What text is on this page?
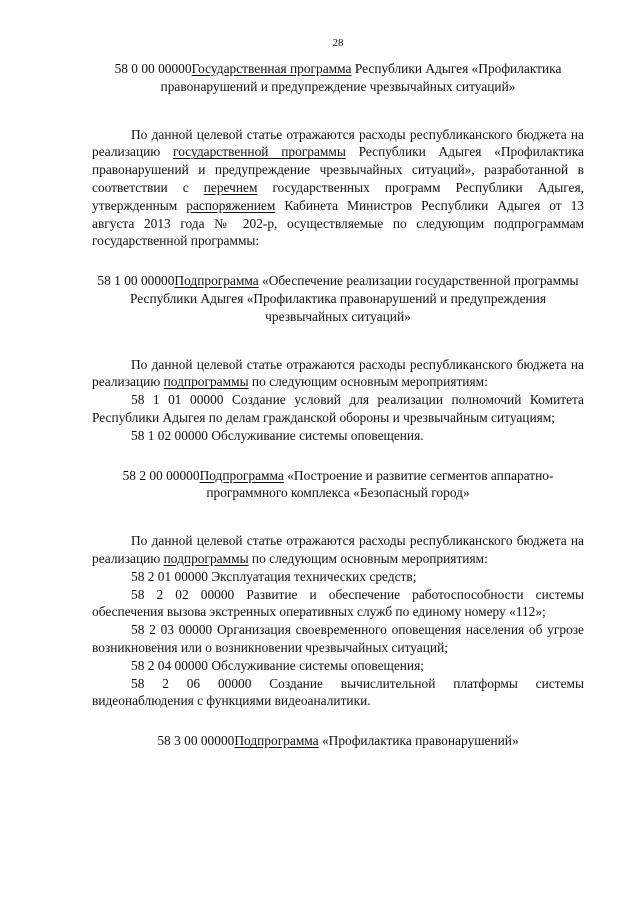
28

58 0 00 00000Государственная программа Республики Адыгея «Профилактика правонарушений и предупреждение чрезвычайных ситуаций»

По данной целевой статье отражаются расходы республиканского бюджета на реализацию государственной программы Республики Адыгея «Профилактика правонарушений и предупреждение чрезвычайных ситуаций», разработанной в соответствии с перечнем государственных программ Республики Адыгея, утвержденным распоряжением Кабинета Министров Республики Адыгея от 13 августа 2013 года № 202-р, осуществляемые по следующим подпрограммам государственной программы:

58 1 00 00000Подпрограмма «Обеспечение реализации государственной программы Республики Адыгея «Профилактика правонарушений и предупреждения чрезвычайных ситуаций»

По данной целевой статье отражаются расходы республиканского бюджета на реализацию подпрограммы по следующим основным мероприятиям:

58 1 01 00000 Создание условий для реализации полномочий Комитета Республики Адыгея по делам гражданской обороны и чрезвычайным ситуациям;

58 1 02 00000 Обслуживание системы оповещения.

58 2 00 00000Подпрограмма «Построение и развитие сегментов аппаратно-программного комплекса «Безопасный город»

По данной целевой статье отражаются расходы республиканского бюджета на реализацию подпрограммы по следующим основным мероприятиям:

58 2 01 00000 Эксплуатация технических средств;

58 2 02 00000 Развитие и обеспечение работоспособности системы обеспечения вызова экстренных оперативных служб по единому номеру «112»;

58 2 03 00000 Организация своевременного оповещения населения об угрозе возникновения или о возникновении чрезвычайных ситуаций;

58 2 04 00000 Обслуживание системы оповещения;

58 2 06 00000 Создание вычислительной платформы системы видеонаблюдения с функциями видеоаналитики.

58 3 00 00000Подпрограмма «Профилактика правонарушений»
